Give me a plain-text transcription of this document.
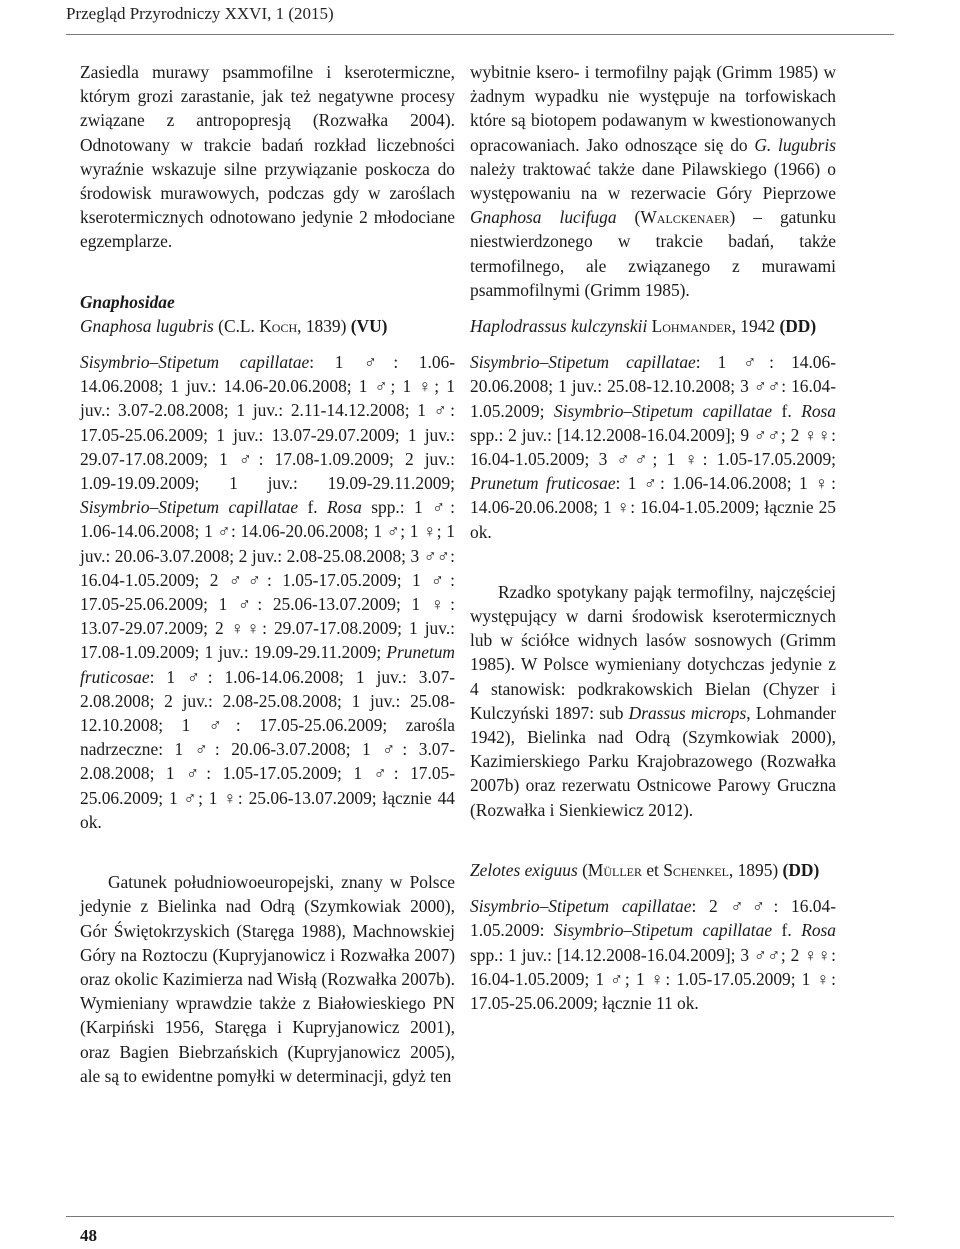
Przegląd Przyrodniczy XXVI, 1 (2015)

Zasiedla murawy psammofilne i kserotermiczne, którym grozi zarastanie, jak też negatywne procesy związane z antropopresją (Rozwałka 2004). Odnotowany w trakcie badań rozkład liczebności wyraźnie wskazuje silne przywiązanie poskocza do środowisk murawowych, podczas gdy w zaroślach kserotermicznych odnotowano jedynie 2 młodociane egzemplarze.

Gnaphosidae

Gnaphosa lugubris (C.L. Koch, 1839) (VU)

Sisymbrio–Stipetum capillatae: 1 ♂: 1.06-14.06.2008; 1 juv.: 14.06-20.06.2008; 1 ♂; 1 ♀; 1 juv.: 3.07-2.08.2008; 1 juv.: 2.11-14.12.2008; 1 ♂: 17.05-25.06.2009; 1 juv.: 13.07-29.07.2009; 1 juv.: 29.07-17.08.2009; 1 ♂: 17.08-1.09.2009; 2 juv.: 1.09-19.09.2009; 1 juv.: 19.09-29.11.2009; Sisymbrio–Stipetum capillatae f. Rosa spp.: 1 ♂: 1.06-14.06.2008; 1 ♂: 14.06-20.06.2008; 1 ♂; 1 ♀; 1 juv.: 20.06-3.07.2008; 2 juv.: 2.08-25.08.2008; 3 ♂♂: 16.04-1.05.2009; 2 ♂♂: 1.05-17.05.2009; 1 ♂: 17.05-25.06.2009; 1 ♂: 25.06-13.07.2009; 1 ♀: 13.07-29.07.2009; 2 ♀♀: 29.07-17.08.2009; 1 juv.: 17.08-1.09.2009; 1 juv.: 19.09-29.11.2009; Prunetum fruticosae: 1 ♂: 1.06-14.06.2008; 1 juv.: 3.07-2.08.2008; 2 juv.: 2.08-25.08.2008; 1 juv.: 25.08-12.10.2008; 1 ♂: 17.05-25.06.2009; zarośla nadrzeczne: 1 ♂: 20.06-3.07.2008; 1 ♂: 3.07-2.08.2008; 1 ♂: 1.05-17.05.2009; 1 ♂: 17.05-25.06.2009; 1 ♂; 1 ♀: 25.06-13.07.2009; łącznie 44 ok.

Gatunek południowoeuropejski, znany w Polsce jedynie z Bielinka nad Odrą (Szymkowiak 2000), Gór Świętokrzyskich (Staręga 1988), Machnowskiej Góry na Roztoczu (Kupryjanowicz i Rozwałka 2007) oraz okolic Kazimierza nad Wisłą (Rozwałka 2007b). Wymieniany wprawdzie także z Białowieskiego PN (Karpiński 1956, Staręga i Kupryjanowicz 2001), oraz Bagien Biebrzańskich (Kupryjanowicz 2005), ale są to ewidentne pomyłki w determinacji, gdyż ten

wybitnie ksero- i termofilny pająk (Grimm 1985) w żadnym wypadku nie występuje na torfowiskach które są biotopem podawanym w kwestionowanych opracowaniach. Jako odnoszące się do G. lugubris należy traktować także dane Pilawskiego (1966) o występowaniu na w rezerwacie Góry Pieprzowe Gnaphosa lucifuga (Walckenaer) – gatunku niestwierdzonego w trakcie badań, także termofilnego, ale związanego z murawami psammofilnymi (Grimm 1985).

Haplodrassus kulczynskii Lohmander, 1942 (DD)

Sisymbrio–Stipetum capillatae: 1 ♂: 14.06-20.06.2008; 1 juv.: 25.08-12.10.2008; 3 ♂♂: 16.04-1.05.2009; Sisymbrio–Stipetum capillatae f. Rosa spp.: 2 juv.: [14.12.2008-16.04.2009]; 9 ♂♂; 2 ♀♀: 16.04-1.05.2009; 3 ♂♂; 1 ♀: 1.05-17.05.2009; Prunetum fruticosae: 1 ♂: 1.06-14.06.2008; 1 ♀: 14.06-20.06.2008; 1 ♀: 16.04-1.05.2009; łącznie 25 ok.

Rzadko spotykany pająk termofilny, najczęściej występujący w darni środowisk kserotermicznych lub w ściółce widnych lasów sosnowych (Grimm 1985). W Polsce wymieniany dotychczas jedynie z 4 stanowisk: podkrakowskich Bielan (Chyzer i Kulczyński 1897: sub Drassus microps, Lohmander 1942), Bielinka nad Odrą (Szymkowiak 2000), Kazimierskiego Parku Krajobrazowego (Rozwałka 2007b) oraz rezerwatu Ostnicowe Parowy Gruczna (Rozwałka i Sienkiewicz 2012).

Zelotes exiguus (Müller et Schenkel, 1895) (DD)

Sisymbrio–Stipetum capillatae: 2 ♂♂: 16.04-1.05.2009: Sisymbrio–Stipetum capillatae f. Rosa spp.: 1 juv.: [14.12.2008-16.04.2009]; 3 ♂♂; 2 ♀♀: 16.04-1.05.2009; 1 ♂; 1 ♀: 1.05-17.05.2009; 1 ♀: 17.05-25.06.2009; łącznie 11 ok.

48
